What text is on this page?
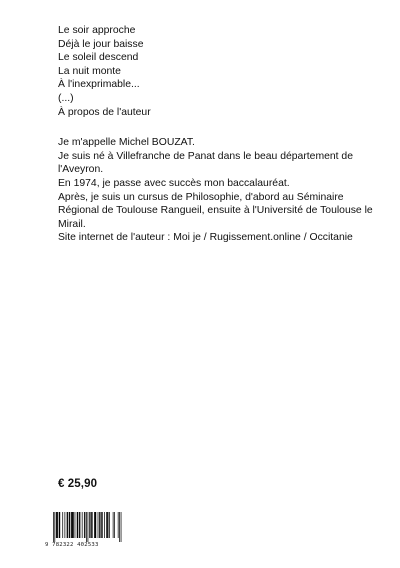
Le soir approche

Déjà le jour baisse

Le soleil descend

La nuit monte

À l'inexprimable...

(...)

À propos de l'auteur

Je m'appelle Michel BOUZAT.

Je suis né à Villefranche de Panat dans le beau département de l'Aveyron.

En 1974, je passe avec succès mon baccalauréat.

Après, je suis un cursus de Philosophie, d'abord au Séminaire Régional de Toulouse Rangueil, ensuite à l'Université de Toulouse le Mirail.

Site internet de l'auteur : Moi je / Rugissement.online / Occitanie

€ 25,90
9 782322 402533
